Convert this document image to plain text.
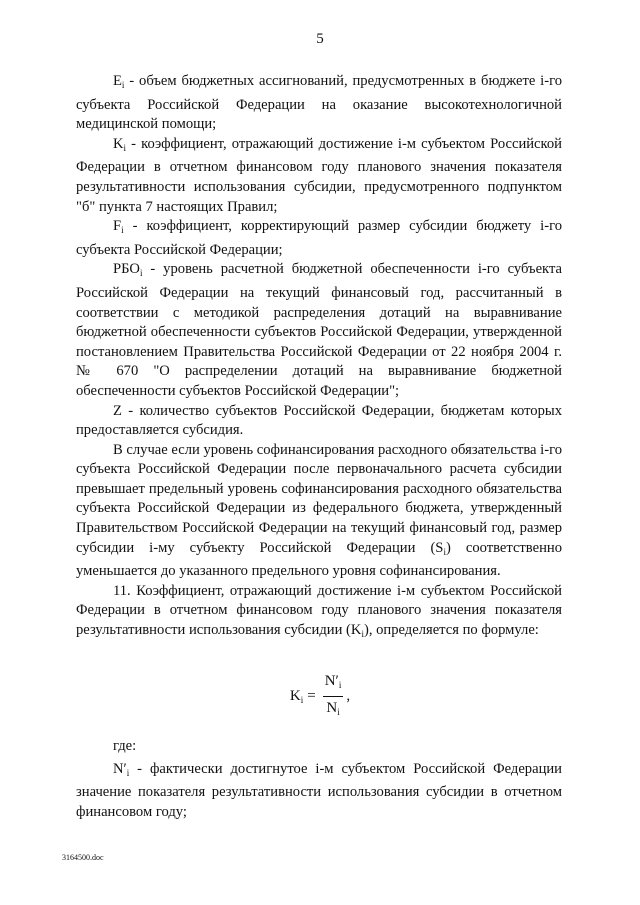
5
$E_i$ - объем бюджетных ассигнований, предусмотренных в бюджете i-го субъекта Российской Федерации на оказание высокотехнологичной медицинской помощи;
$K_i$ - коэффициент, отражающий достижение i-м субъектом Российской Федерации в отчетном финансовом году планового значения показателя результативности использования субсидии, предусмотренного подпунктом "б" пункта 7 настоящих Правил;
$F_i$ - коэффициент, корректирующий размер субсидии бюджету i-го субъекта Российской Федерации;
$РБО_i$ - уровень расчетной бюджетной обеспеченности i-го субъекта Российской Федерации на текущий финансовый год, рассчитанный в соответствии с методикой распределения дотаций на выравнивание бюджетной обеспеченности субъектов Российской Федерации, утвержденной постановлением Правительства Российской Федерации от 22 ноября 2004 г. № 670 "О распределении дотаций на выравнивание бюджетной обеспеченности субъектов Российской Федерации";
Z - количество субъектов Российской Федерации, бюджетам которых предоставляется субсидия.
В случае если уровень софинансирования расходного обязательства i-го субъекта Российской Федерации после первоначального расчета субсидии превышает предельный уровень софинансирования расходного обязательства субъекта Российской Федерации из федерального бюджета, утвержденный Правительством Российской Федерации на текущий финансовый год, размер субсидии i-му субъекту Российской Федерации $(S_i)$ соответственно уменьшается до указанного предельного уровня софинансирования.
11. Коэффициент, отражающий достижение i-м субъектом Российской Федерации в отчетном финансовом году планового значения показателя результативности использования субсидии $(K_i)$, определяется по формуле:
$K_i = \frac{N'_i}{N_i}$ ,
где:
$N'_i$ - фактически достигнутое i-м субъектом Российской Федерации значение показателя результативности использования субсидии в отчетном финансовом году;
3164500.doc
